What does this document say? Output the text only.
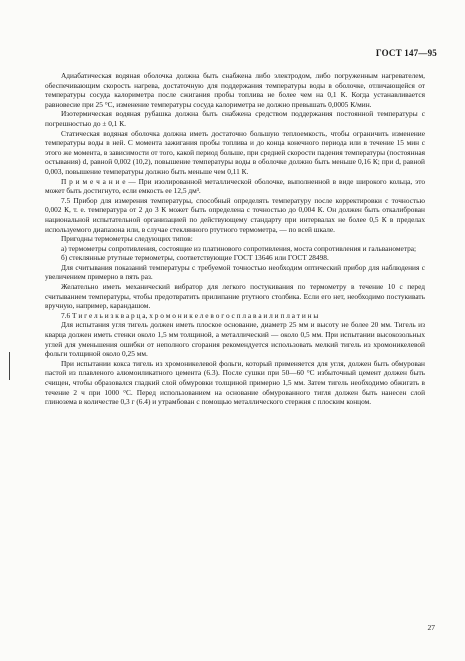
ГОСТ 147—95

Адиабатическая водяная оболочка должна быть снабжена либо электродом, либо погруженным нагревателем, обеспечивающим скорость нагрева, достаточную для поддержания температуры воды в оболочке, отличающейся от температуры сосуда калориметра после сжигания пробы топлива не более чем на 0,1 К. Когда устанавливается равновесие при 25 °С, изменение температуры сосуда калориметра не должно превышать 0,0005 К/мин.

Изотермическая водяная рубашка должна быть снабжена средством поддержания постоянной температуры с погрешностью до ± 0,1 К.

Статическая водяная оболочка должна иметь достаточно большую теплоемкость, чтобы ограничить изменение температуры воды в ней. С момента зажигания пробы топлива и до конца конечного периода или в течение 15 мин с этого же момента, в зависимости от того, какой период больше, при средней скорости падения температуры (постоянная остывания) d, равной 0,002 (10,2), повышение температуры воды в оболочке должно быть меньше 0,16 К; при d, равной 0,003, повышение температуры должно быть меньше чем 0,11 К.

П р и м е ч а н и е — При изолированной металлической оболочке, выполненной в виде широкого кольца, это может быть достигнуто, если емкость ее 12,5 дм³.

7.5 Прибор для измерения температуры, способный определять температуру после корректировки с точностью 0,002 К, т. е. температура от 2 до 3 К может быть определена с точностью до 0,004 К. Он должен быть откалиброван национальной испытательной организацией по действующему стандарту при интервалах не более 0,5 К в пределах используемого диапазона или, в случае стеклянного ртутного термометра, — по всей шкале.

Пригодны термометры следующих типов:

а) термометры сопротивления, состоящие из платинового сопротивления, моста сопротивления и гальванометра;

б) стеклянные ртутные термометры, соответствующие ГОСТ 13646 или ГОСТ 28498.

Для считывания показаний температуры с требуемой точностью необходим оптический прибор для наблюдения с увеличением примерно в пять раз.

Желательно иметь механический вибратор для легкого постукивания по термометру в течение 10 с перед считыванием температуры, чтобы предотвратить прилипание ртутного столбика. Если его нет, необходимо постукивать вручную, например, карандашом.

7.6 Т и г е л ь и з к в а р ц а, х р о м о н и к е л е в о г о с п л а в а и л и п л а т и н ы

Для испытания угля тигель должен иметь плоское основание, диаметр 25 мм и высоту не более 20 мм. Тигель из кварца должен иметь стенки около 1,5 мм толщиной, а металлический — около 0,5 мм. При испытании высокозольных углей для уменьшения ошибки от неполного сгорания рекомендуется использовать мелкий тигель из хромоникелевой фольги толщиной около 0,25 мм.

При испытании кокса тигель из хромоникелевой фольги, который применяется для угля, должен быть обмурован пастой из плавленого алюмоиликатного цемента (6.3). После сушки при 50—60 °С избыточный цемент должен быть счищен, чтобы образовался гладкий слой обмуровки толщиной примерно 1,5 мм. Затем тигель необходимо обжигать в течение 2 ч при 1000 °С. Перед использованием на основание обмурованного тигля должен быть нанесен слой глинозема в количестве 0,3 г (6.4) и утрамбован с помощью металлического стержня с плоским концом.

27
